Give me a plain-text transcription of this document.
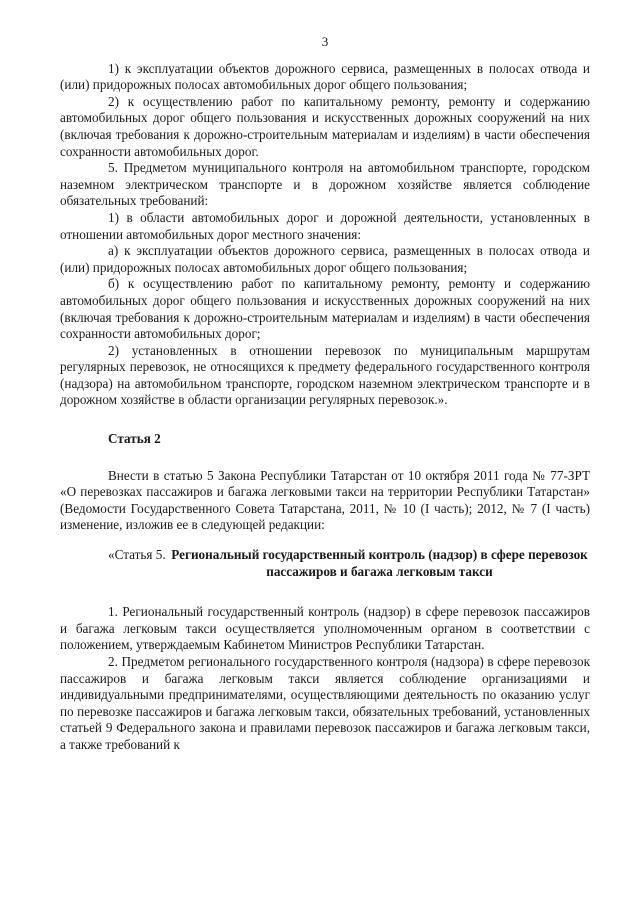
3

1) к эксплуатации объектов дорожного сервиса, размещенных в полосах отвода и (или) придорожных полосах автомобильных дорог общего пользования;

2) к осуществлению работ по капитальному ремонту, ремонту и содержанию автомобильных дорог общего пользования и искусственных дорожных сооружений на них (включая требования к дорожно-строительным материалам и изделиям) в части обеспечения сохранности автомобильных дорог.

5. Предметом муниципального контроля на автомобильном транспорте, городском наземном электрическом транспорте и в дорожном хозяйстве является соблюдение обязательных требований:

1) в области автомобильных дорог и дорожной деятельности, установленных в отношении автомобильных дорог местного значения:

а) к эксплуатации объектов дорожного сервиса, размещенных в полосах отвода и (или) придорожных полосах автомобильных дорог общего пользования;

б) к осуществлению работ по капитальному ремонту, ремонту и содержанию автомобильных дорог общего пользования и искусственных дорожных сооружений на них (включая требования к дорожно-строительным материалам и изделиям) в части обеспечения сохранности автомобильных дорог;

2) установленных в отношении перевозок по муниципальным маршрутам регулярных перевозок, не относящихся к предмету федерального государственного контроля (надзора) на автомобильном транспорте, городском наземном электрическом транспорте и в дорожном хозяйстве в области организации регулярных перевозок.».

Статья 2

Внести в статью 5 Закона Республики Татарстан от 10 октября 2011 года № 77-ЗРТ «О перевозках пассажиров и багажа легковыми такси на территории Республики Татарстан» (Ведомости Государственного Совета Татарстана, 2011, № 10 (I часть); 2012, № 7 (I часть) изменение, изложив ее в следующей редакции:

«Статья 5. Региональный государственный контроль (надзор) в сфере перевозок пассажиров и багажа легковым такси

1. Региональный государственный контроль (надзор) в сфере перевозок пассажиров и багажа легковым такси осуществляется уполномоченным органом в соответствии с положением, утверждаемым Кабинетом Министров Республики Татарстан.

2. Предметом регионального государственного контроля (надзора) в сфере перевозок пассажиров и багажа легковым такси является соблюдение организациями и индивидуальными предпринимателями, осуществляющими деятельность по оказанию услуг по перевозке пассажиров и багажа легковым такси, обязательных требований, установленных статьей 9 Федерального закона и правилами перевозок пассажиров и багажа легковым такси, а также требований к
